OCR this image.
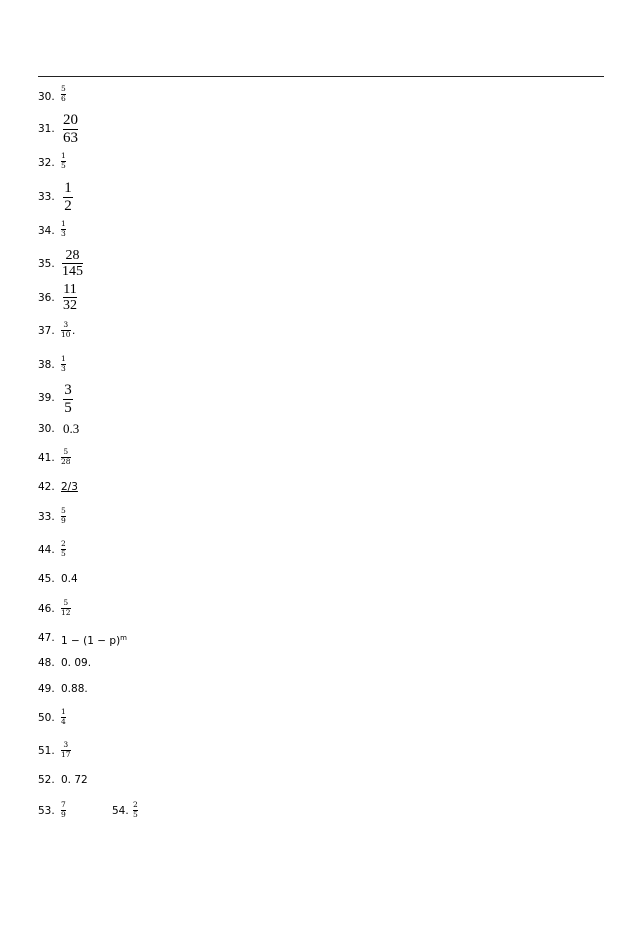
30.
5
6
31.
20
63
32.
1
5
33.
1
2
34.
1
3
35.
28
145
36.
11
32
37.
3
10 .
38.
1
3
39. 3
5
30. 0.3
41.
5
28
42. 2/3
33.
5
9
44.
2
5
45. 0.4
46.
5
12
47. $1 - (1 - p)^m$
48. 0. 09.
49. 0.88.
50.
1
4
51.
3
17
52. 0. 72
53.
7
9	54.
2
5
